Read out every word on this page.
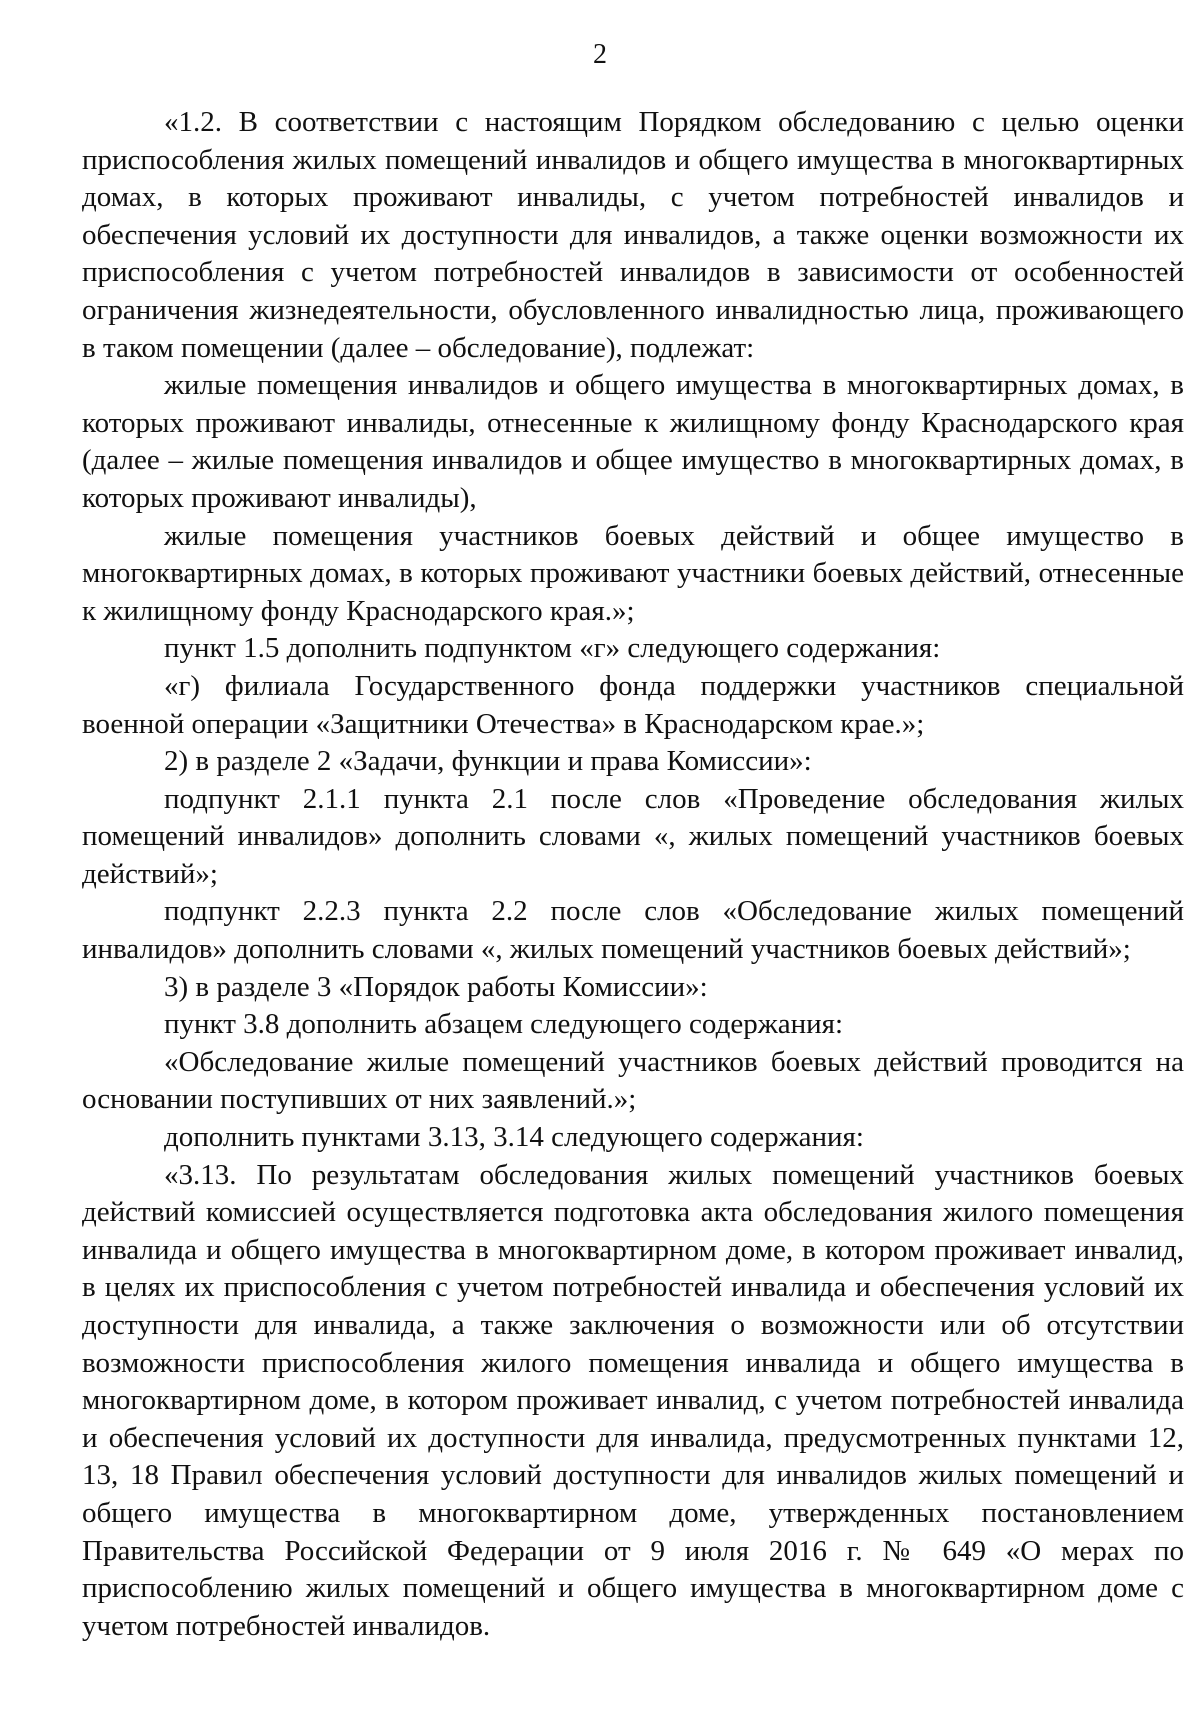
2

«1.2. В соответствии с настоящим Порядком обследованию с целью оценки приспособления жилых помещений инвалидов и общего имущества в многоквартирных домах, в которых проживают инвалиды, с учетом потребностей инвалидов и обеспечения условий их доступности для инвалидов, а также оценки возможности их приспособления с учетом потребностей инвалидов в зависимости от особенностей ограничения жизнедеятельности, обусловленного инвалидностью лица, проживающего в таком помещении (далее – обследование), подлежат:

жилые помещения инвалидов и общего имущества в многоквартирных домах, в которых проживают инвалиды, отнесенные к жилищному фонду Краснодарского края (далее – жилые помещения инвалидов и общее имущество в многоквартирных домах, в которых проживают инвалиды),

жилые помещения участников боевых действий и общее имущество в многоквартирных домах, в которых проживают участники боевых действий, отнесенные к жилищному фонду Краснодарского края.»;

пункт 1.5 дополнить подпунктом «г» следующего содержания:

«г) филиала Государственного фонда поддержки участников специальной военной операции «Защитники Отечества» в Краснодарском крае.»;

2) в разделе 2 «Задачи, функции и права Комиссии»:

подпункт 2.1.1 пункта 2.1 после слов «Проведение обследования жилых помещений инвалидов» дополнить словами «, жилых помещений участников боевых действий»;

подпункт 2.2.3 пункта 2.2 после слов «Обследование жилых помещений инвалидов» дополнить словами «, жилых помещений участников боевых действий»;

3) в разделе 3 «Порядок работы Комиссии»:

пункт 3.8 дополнить абзацем следующего содержания:

«Обследование жилые помещений участников боевых действий проводится на основании поступивших от них заявлений.»;

дополнить пунктами 3.13, 3.14 следующего содержания:

«3.13. По результатам обследования жилых помещений участников боевых действий комиссией осуществляется подготовка акта обследования жилого помещения инвалида и общего имущества в многоквартирном доме, в котором проживает инвалид, в целях их приспособления с учетом потребностей инвалида и обеспечения условий их доступности для инвалида, а также заключения о возможности или об отсутствии возможности приспособления жилого помещения инвалида и общего имущества в многоквартирном доме, в котором проживает инвалид, с учетом потребностей инвалида и обеспечения условий их доступности для инвалида, предусмотренных пунктами 12, 13, 18 Правил обеспечения условий доступности для инвалидов жилых помещений и общего имущества в многоквартирном доме, утвержденных постановлением Правительства Российской Федерации от 9 июля 2016 г. № 649 «О мерах по приспособлению жилых помещений и общего имущества в многоквартирном доме с учетом потребностей инвалидов.
